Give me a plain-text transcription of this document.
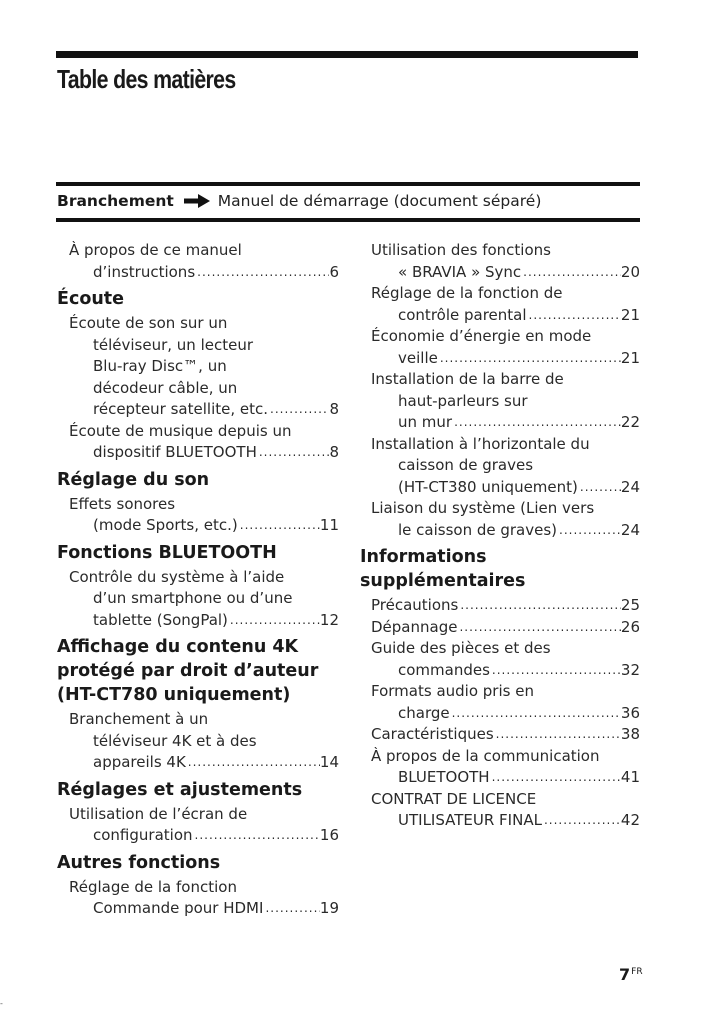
Table des matières
Branchement	Manuel de démarrage (document séparé)
À propos de ce manuel
d’instructions .....	6
Écoute
Écoute de son sur un
téléviseur, un lecteur
Blu-ray Disc™, un
décodeur câble, un
récepteur satellite, etc. .....	8
Écoute de musique depuis un
dispositif BLUETOOTH .....	8
Réglage du son
Effets sonores
(mode Sports, etc.) .....	11
Fonctions BLUETOOTH
Contrôle du système à l’aide
d’un smartphone ou d’une
tablette (SongPal) .....	12
Affichage du contenu 4K protégé par droit d’auteur (HT-CT780 uniquement)
Branchement à un
téléviseur 4K et à des
appareils 4K .....	14
Réglages et ajustements
Utilisation de l’écran de
configuration .....	16
Autres fonctions
Réglage de la fonction
Commande pour HDMI .....	19
Utilisation des fonctions
« BRAVIA » Sync .....	20
Réglage de la fonction de
contrôle parental .....	21
Économie d’énergie en mode
veille .....	21
Installation de la barre de
haut-parleurs sur
un mur .....	22
Installation à l’horizontale du
caisson de graves
(HT-CT380 uniquement) .....	24
Liaison du système (Lien vers
le caisson de graves) .....	24
Informations supplémentaires
Précautions .....	25
Dépannage .....	26
Guide des pièces et des
commandes .....	32
Formats audio pris en
charge .....	36
Caractéristiques .....	38
À propos de la communication
BLUETOOTH .....	41
CONTRAT DE LICENCE
UTILISATEUR FINAL .....	42
$7^{FR}$
-
